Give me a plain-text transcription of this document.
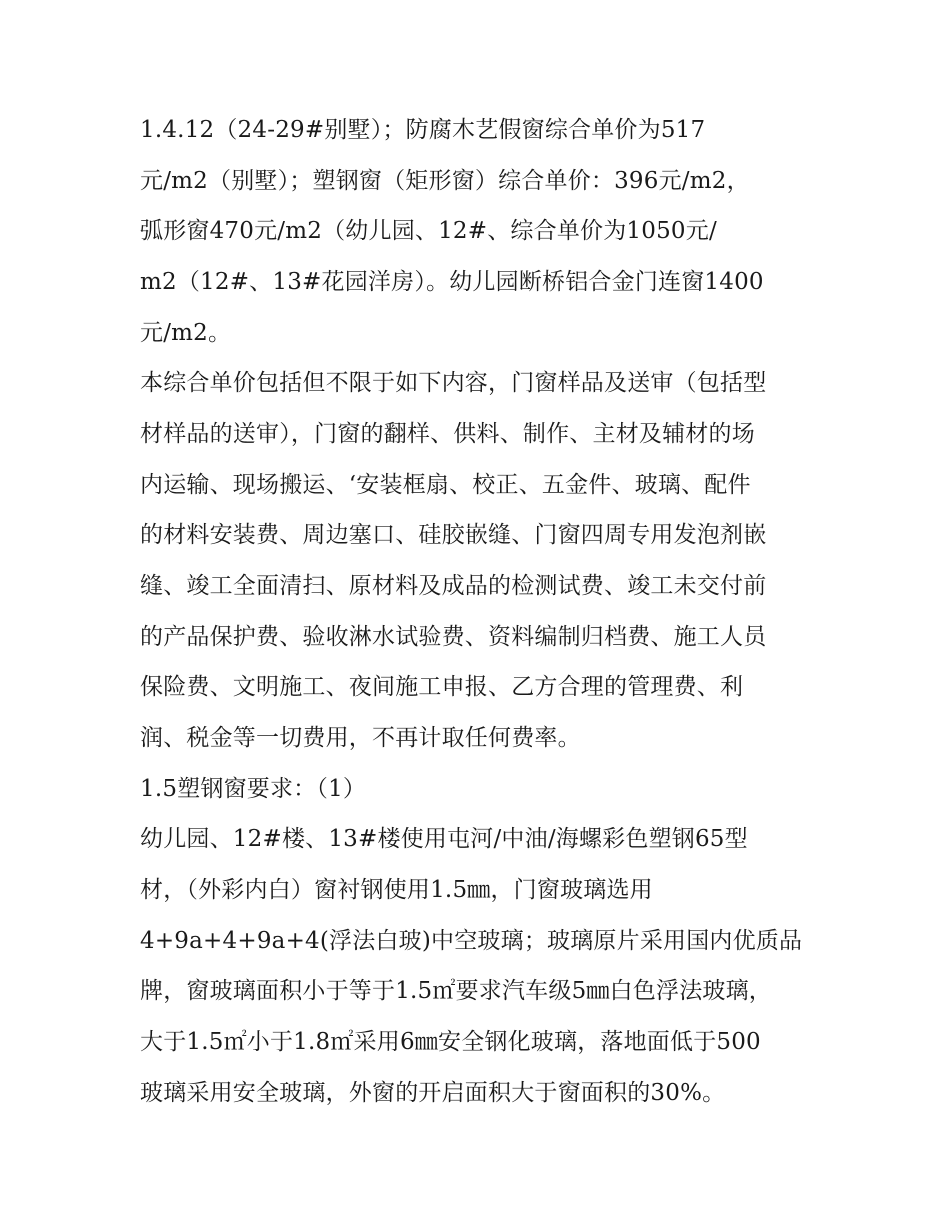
1.4.12（24-29#别墅）；防腐木艺假窗综合单价为517
元/m2（别墅）；塑钢窗（矩形窗）综合单价：396元/m2，
弧形窗470元/m2（幼儿园、12#、综合单价为1050元/
m2（12#、13#花园洋房）。幼儿园断桥铝合金门连窗1400
元/m2。
本综合单价包括但不限于如下内容，门窗样品及送审（包括型
材样品的送审），门窗的翻样、供料、制作、主材及辅材的场
内运输、现场搬运、‘安装框扇、校正、五金件、玻璃、配件
的材料安装费、周边塞口、硅胶嵌缝、门窗四周专用发泡剂嵌
缝、竣工全面清扫、原材料及成品的检测试费、竣工未交付前
的产品保护费、验收淋水试验费、资料编制归档费、施工人员
保险费、文明施工、夜间施工申报、乙方合理的管理费、利
润、税金等一切费用，不再计取任何费率。
1.5塑钢窗要求：（1）
幼儿园、12#楼、13#楼使用屯河/中油/海螺彩色塑钢65型
材，（外彩内白）窗衬钢使用1.5㎜，门窗玻璃选用
4+9a+4+9a+4(浮法白玻)中空玻璃；玻璃原片采用国内优质品
牌，窗玻璃面积小于等于1.5㎡要求汽车级5㎜白色浮法玻璃，
大于1.5㎡小于1.8㎡采用6㎜安全钢化玻璃，落地面低于500
玻璃采用安全玻璃，外窗的开启面积大于窗面积的30%。
